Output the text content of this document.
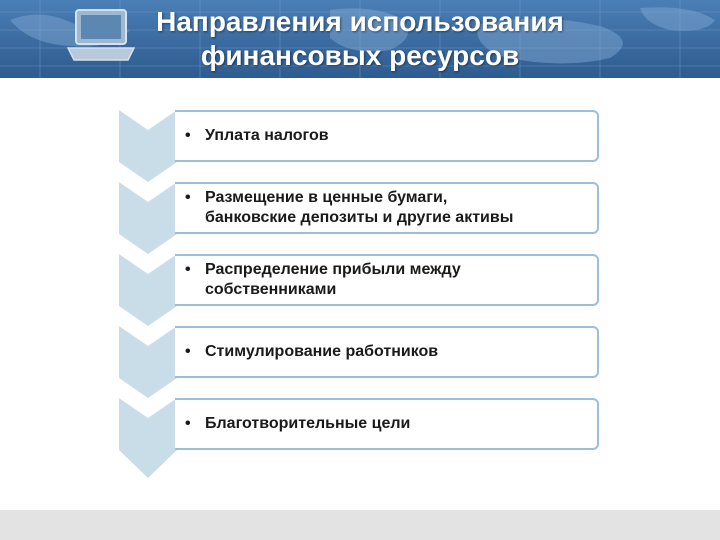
Направления использования
финансовых ресурсов
• Уплата налогов
• Размещение в ценные бумаги,
банковские депозиты и другие активы
• Распределение прибыли между
собственниками
• Стимулирование работников
• Благотворительные цели
